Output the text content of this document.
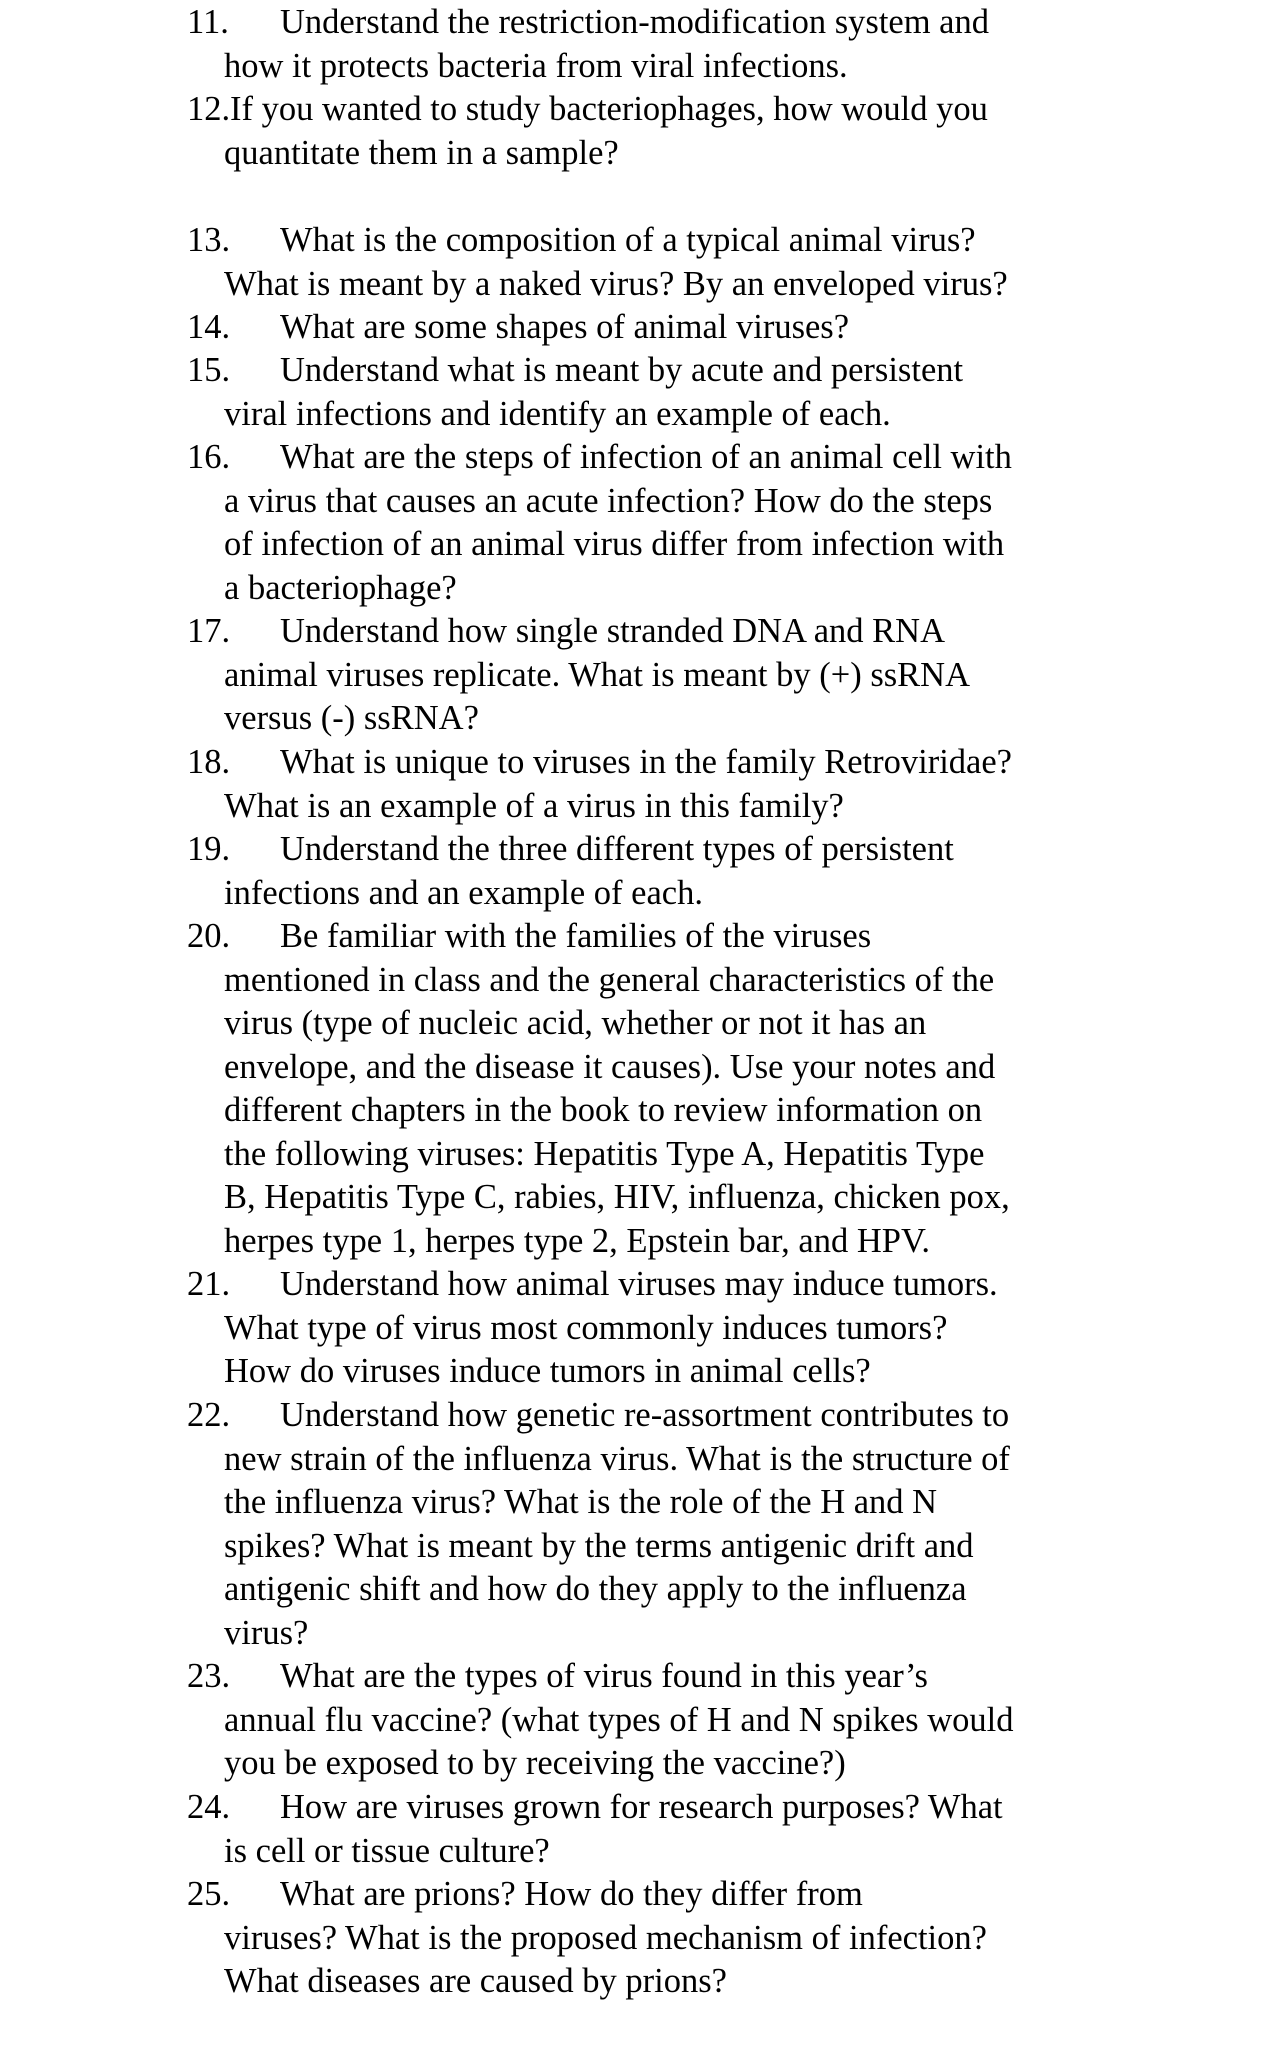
11. Understand the restriction-modification system and
how it protects bacteria from viral infections.
12. If you wanted to study bacteriophages, how would you
quantitate them in a sample?
13. What is the composition of a typical animal virus?
What is meant by a naked virus? By an enveloped virus?
14. What are some shapes of animal viruses?
15. Understand what is meant by acute and persistent
viral infections and identify an example of each.
16. What are the steps of infection of an animal cell with
a virus that causes an acute infection? How do the steps
of infection of an animal virus differ from infection with
a bacteriophage?
17. Understand how single stranded DNA and RNA
animal viruses replicate. What is meant by (+) ssRNA
versus (-) ssRNA?
18. What is unique to viruses in the family Retroviridae?
What is an example of a virus in this family?
19. Understand the three different types of persistent
infections and an example of each.
20. Be familiar with the families of the viruses
mentioned in class and the general characteristics of the
virus (type of nucleic acid, whether or not it has an
envelope, and the disease it causes). Use your notes and
different chapters in the book to review information on
the following viruses: Hepatitis Type A, Hepatitis Type
B, Hepatitis Type C, rabies, HIV, influenza, chicken pox,
herpes type 1, herpes type 2, Epstein bar, and HPV.
21. Understand how animal viruses may induce tumors.
What type of virus most commonly induces tumors?
How do viruses induce tumors in animal cells?
22. Understand how genetic re-assortment contributes to
new strain of the influenza virus. What is the structure of
the influenza virus? What is the role of the H and N
spikes? What is meant by the terms antigenic drift and
antigenic shift and how do they apply to the influenza
virus?
23. What are the types of virus found in this year’s
annual flu vaccine? (what types of H and N spikes would
you be exposed to by receiving the vaccine?)
24. How are viruses grown for research purposes? What
is cell or tissue culture?
25. What are prions? How do they differ from
viruses? What is the proposed mechanism of infection?
What diseases are caused by prions?
